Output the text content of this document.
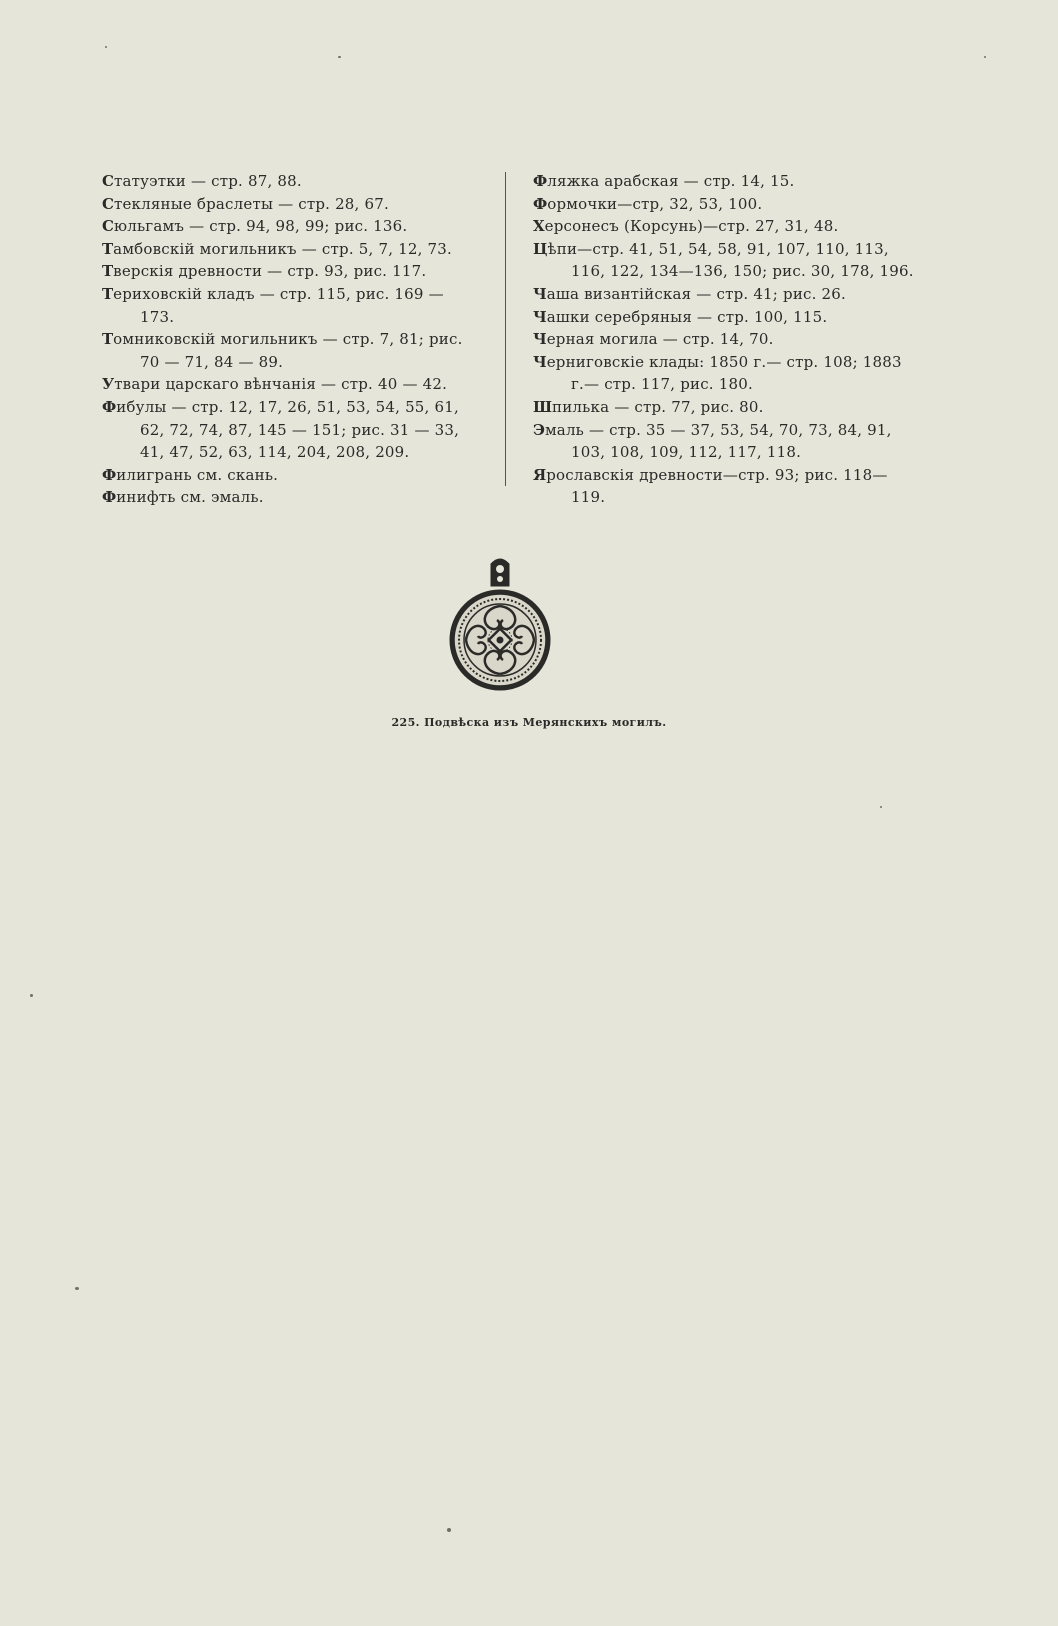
Статуэтки — стр. 87, 88.
Стекляные браслеты — стр. 28, 67.
Сюльгамъ — стр. 94, 98, 99; рис. 136.
Тамбовскій могильникъ — стр. 5, 7, 12, 73.
Тверскія древности — стр. 93, рис. 117.
Териховскій кладъ — стр. 115, рис. 169 — 173.
Томниковскій могильникъ — стр. 7, 81; рис. 70 — 71, 84 — 89.
Утвари царскаго вѣнчанія — стр. 40 — 42.
Фибулы — стр. 12, 17, 26, 51, 53, 54, 55, 61, 62, 72, 74, 87, 145 — 151; рис. 31 — 33, 41, 47, 52, 63, 114, 204, 208, 209.
Филигрань см. скань.
Финифть см. эмаль.
Фляжка арабская — стр. 14, 15.
Формочки—стр, 32, 53, 100.
Херсонесъ (Корсунь)—стр. 27, 31, 48.
Цѣпи—стр. 41, 51, 54, 58, 91, 107, 110, 113, 116, 122, 134—136, 150; рис. 30, 178, 196.
Чаша византійская — стр. 41; рис. 26.
Чашки серебряныя — стр. 100, 115.
Черная могила — стр. 14, 70.
Черниговскіе клады: 1850 г.— стр. 108; 1883 г.— стр. 117, рис. 180.
Шпилька — стр. 77, рис. 80.
Эмаль — стр. 35 — 37, 53, 54, 70, 73, 84, 91, 103, 108, 109, 112, 117, 118.
Ярославскія древности—стр. 93; рис. 118—119.
225. Подвѣска изъ Мерянскихъ могилъ.
